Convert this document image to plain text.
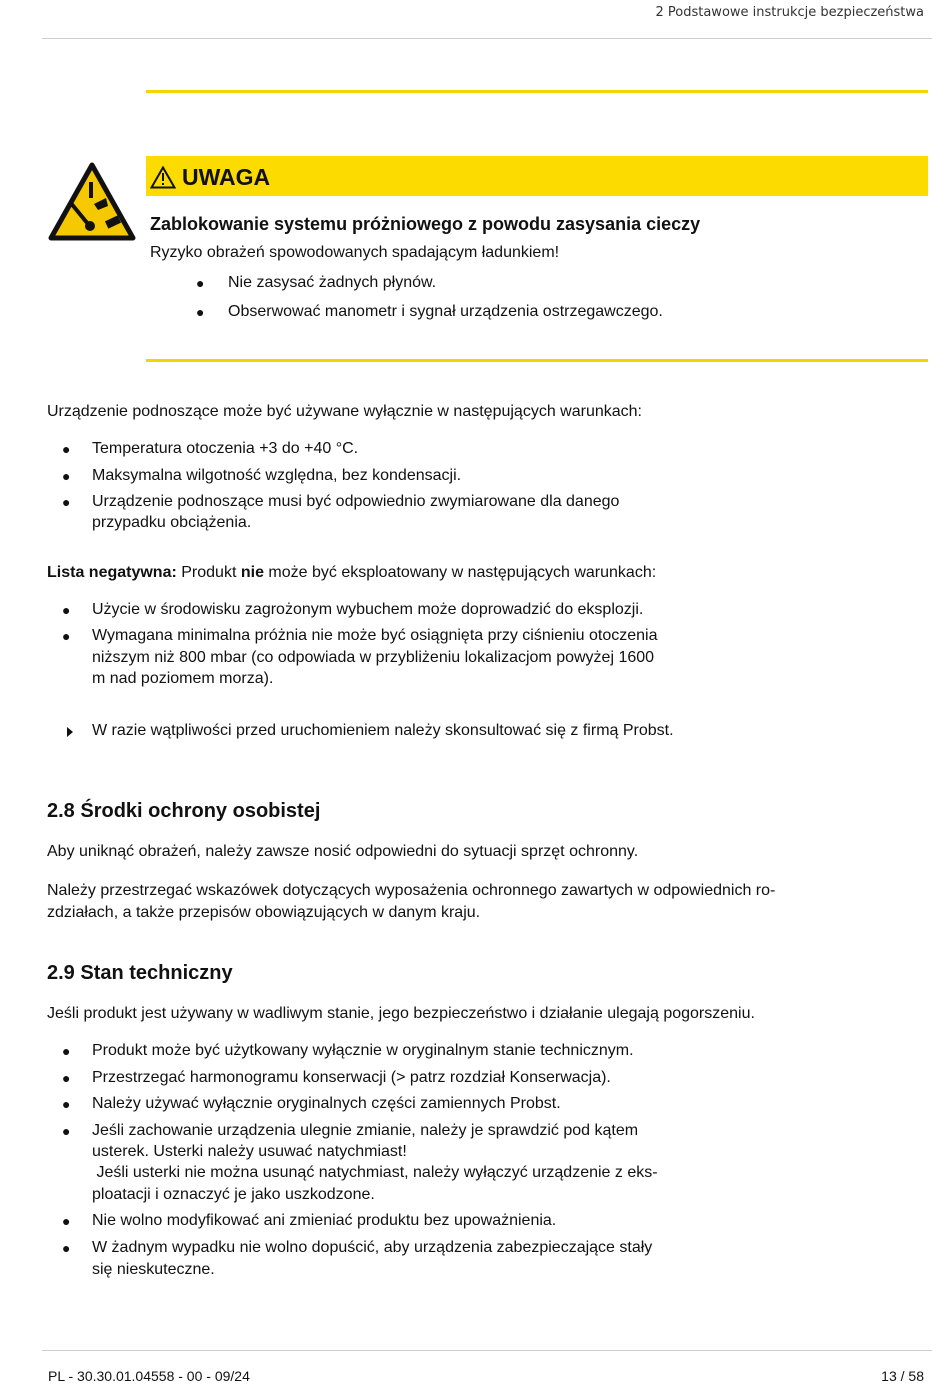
2 Podstawowe instrukcje bezpieczeństwa
UWAGA
Zablokowanie systemu próżniowego z powodu zasysania cieczy
Ryzyko obrażeń spowodowanych spadającym ładunkiem!
● Nie zasysać żadnych płynów.
● Obserwować manometr i sygnał urządzenia ostrzegawczego.
Urządzenie podnoszące może być używane wyłącznie w następujących warunkach:
● Temperatura otoczenia +3 do +40 °C.
● Maksymalna wilgotność względna, bez kondensacji.
● Urządzenie podnoszące musi być odpowiednio zwymiarowane dla danego
przypadku obciążenia.
Lista negatywna: Produkt nie może być eksploatowany w następujących warunkach:
● Użycie w środowisku zagrożonym wybuchem może doprowadzić do eksplozji.
● Wymagana minimalna próżnia nie może być osiągnięta przy ciśnieniu otoczenia
niższym niż 800 mbar (co odpowiada w przybliżeniu lokalizacjom powyżej 1600
m nad poziomem morza).
W razie wątpliwości przed uruchomieniem należy skonsultować się z firmą Probst.
2.8 Środki ochrony osobistej
Aby uniknąć obrażeń, należy zawsze nosić odpowiedni do sytuacji sprzęt ochronny.
Należy przestrzegać wskazówek dotyczących wyposażenia ochronnego zawartych w odpowiednich ro-
zdziałach, a także przepisów obowiązujących w danym kraju.
2.9 Stan techniczny
Jeśli produkt jest używany w wadliwym stanie, jego bezpieczeństwo i działanie ulegają pogorszeniu.
● Produkt może być użytkowany wyłącznie w oryginalnym stanie technicznym.
● Przestrzegać harmonogramu konserwacji (> patrz rozdział Konserwacja).
● Należy używać wyłącznie oryginalnych części zamiennych Probst.
● Jeśli zachowanie urządzenia ulegnie zmianie, należy je sprawdzić pod kątem
usterek. Usterki należy usuwać natychmiast!
Jeśli usterki nie można usunąć natychmiast, należy wyłączyć urządzenie z eks-
ploatacji i oznaczyć je jako uszkodzone.
● Nie wolno modyfikować ani zmieniać produktu bez upoważnienia.
● W żadnym wypadku nie wolno dopuścić, aby urządzenia zabezpieczające stały
się nieskuteczne.
PL - 30.30.01.04558 - 00 - 09/24	13 / 58
